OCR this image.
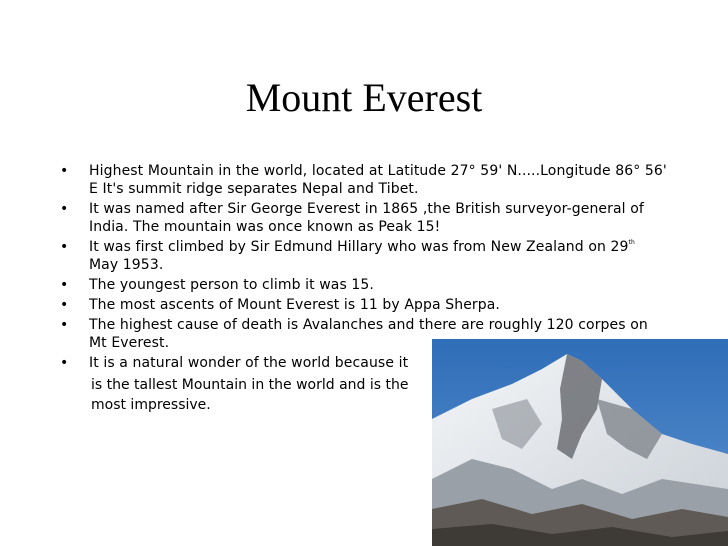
Mount Everest
• Highest Mountain in the world, located at Latitude 27° 59' N.....Longitude 86° 56' E It's summit ridge separates Nepal and Tibet.
• It was named after Sir George Everest in 1865 ,the British surveyor-general of India. The mountain was once known as Peak 15!
• It was first climbed by Sir Edmund Hillary who was from New Zealand on 29th May 1953.
• The youngest person to climb it was 15.
• The most ascents of Mount Everest is 11 by Appa Sherpa.
• The highest cause of death is Avalanches and there are roughly 120 corpes on Mt Everest.
• It is a natural wonder of the world because it
is the tallest Mountain in the world and is the
most impressive.
